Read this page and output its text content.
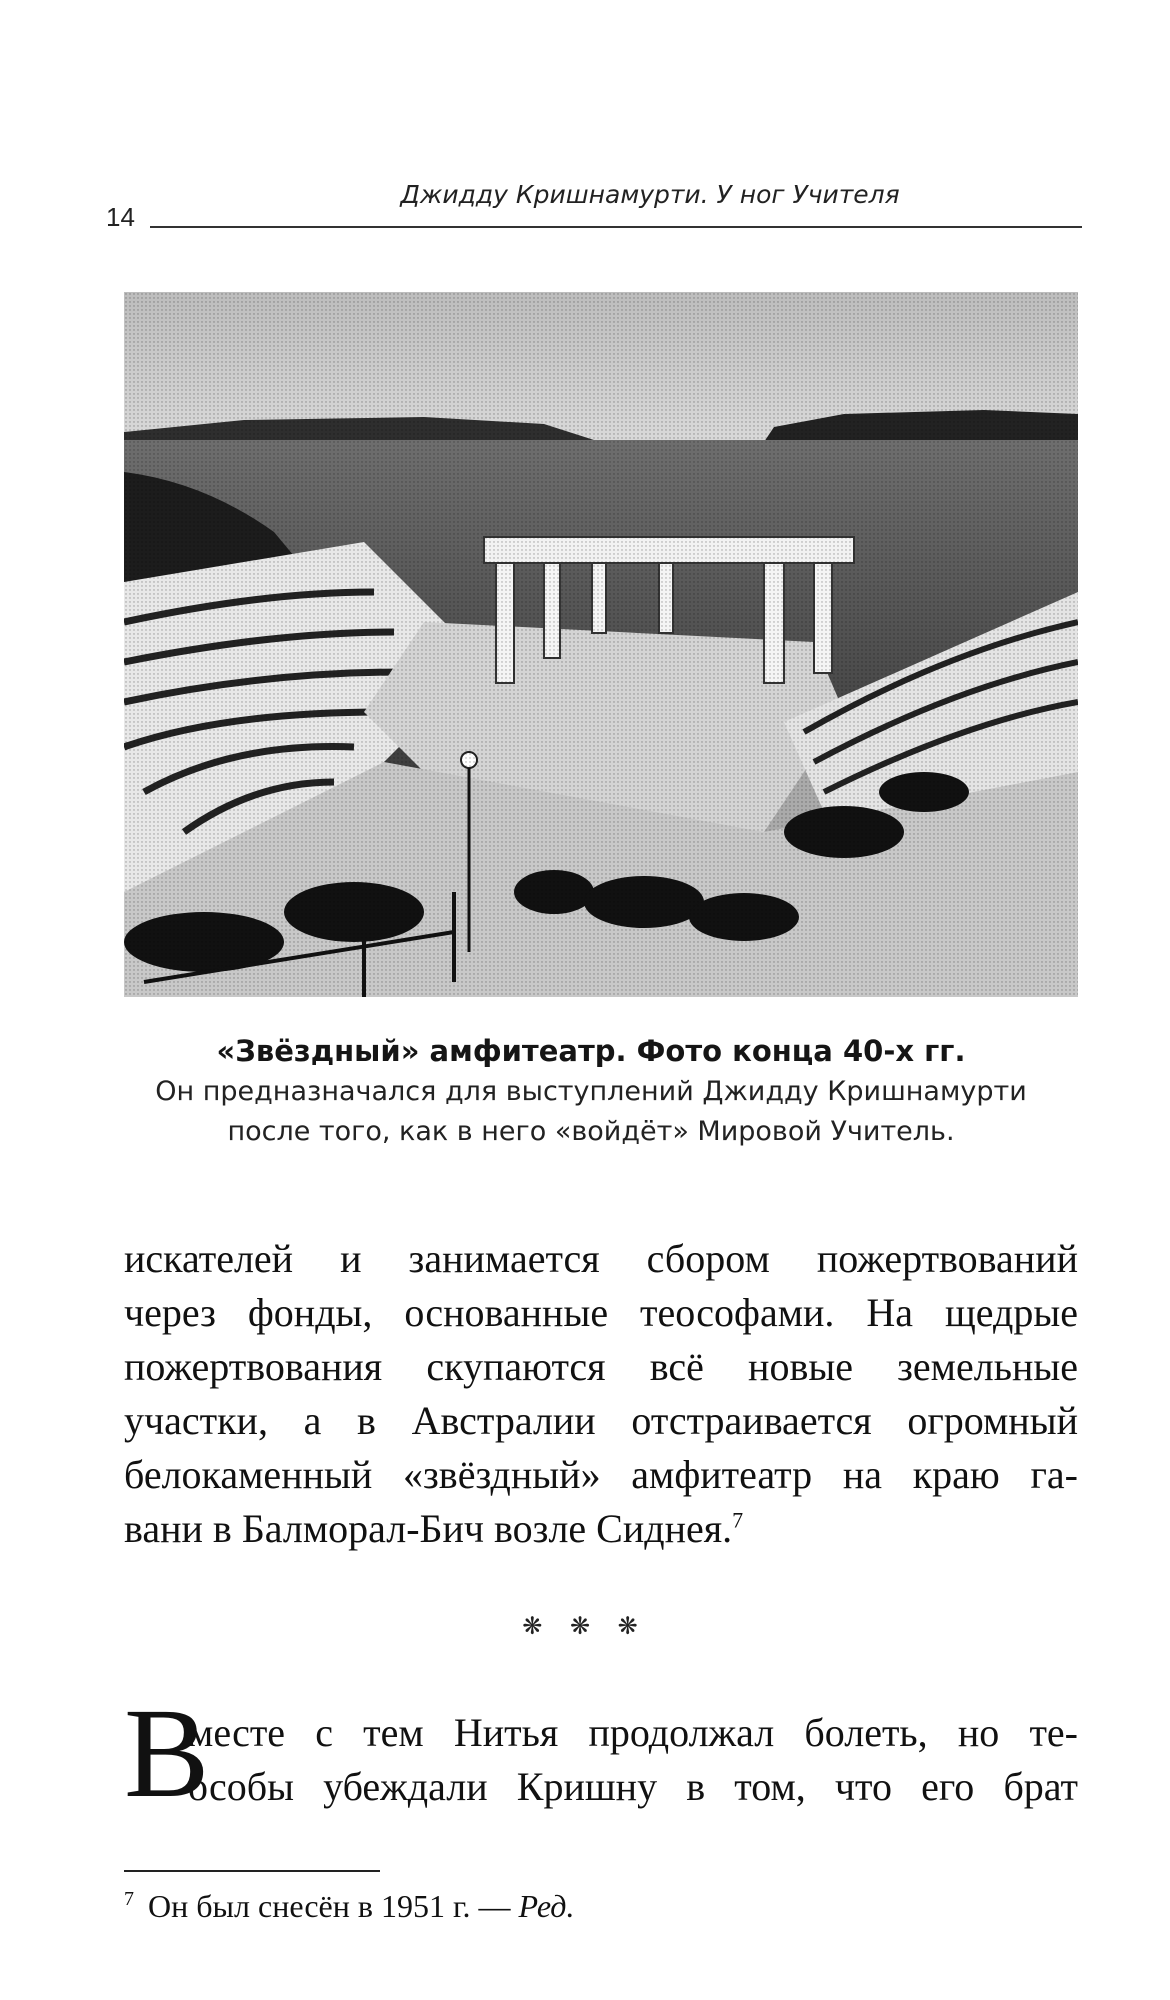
14
Джидду Кришнамурти. У ног Учителя
«Звёздный» амфитеатр. Фото конца 40-х гг.
Он предназначался для выступлений Джидду Кришнамурти
после того, как в него «войдёт» Мировой Учитель.
искателей и занимается сбором пожертвований
через фонды, основанные теософами. На щедрые
пожертвования скупаются всё новые земельные
участки, а в Австралии отстраивается огромный
белокаменный «звёздный» амфитеатр на краю га-
вани в Балморал-Бич возле Сиднея.$^7$
❋ ❋ ❋
В
месте с тем Нитья продолжал болеть, но те-
особы убеждали Кришну в том, что его брат
$^7$ Он был снесён в 1951 г. — Ред.
